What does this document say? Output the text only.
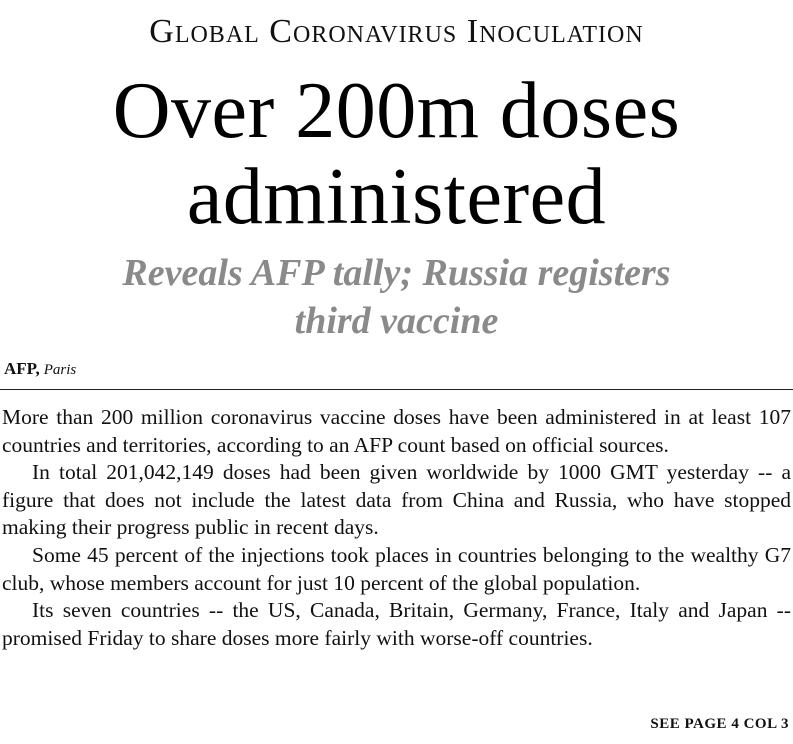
Global Coronavirus Inoculation
Over 200m doses
administered
Reveals AFP tally; Russia registers
third vaccine
AFP, Paris

More than 200 million coronavirus vaccine doses have been administered in at least 107 countries and territories, according to an AFP count based on official sources.

In total 201,042,149 doses had been given worldwide by 1000 GMT yesterday -- a figure that does not include the latest data from China and Russia, who have stopped making their progress public in recent days.

Some 45 percent of the injections took places in countries belonging to the wealthy G7 club, whose members account for just 10 percent of the global population.

Its seven countries -- the US, Canada, Britain, Germany, France, Italy and Japan -- promised Friday to share doses more fairly with worse-off countries.

SEE PAGE 4 COL 3
